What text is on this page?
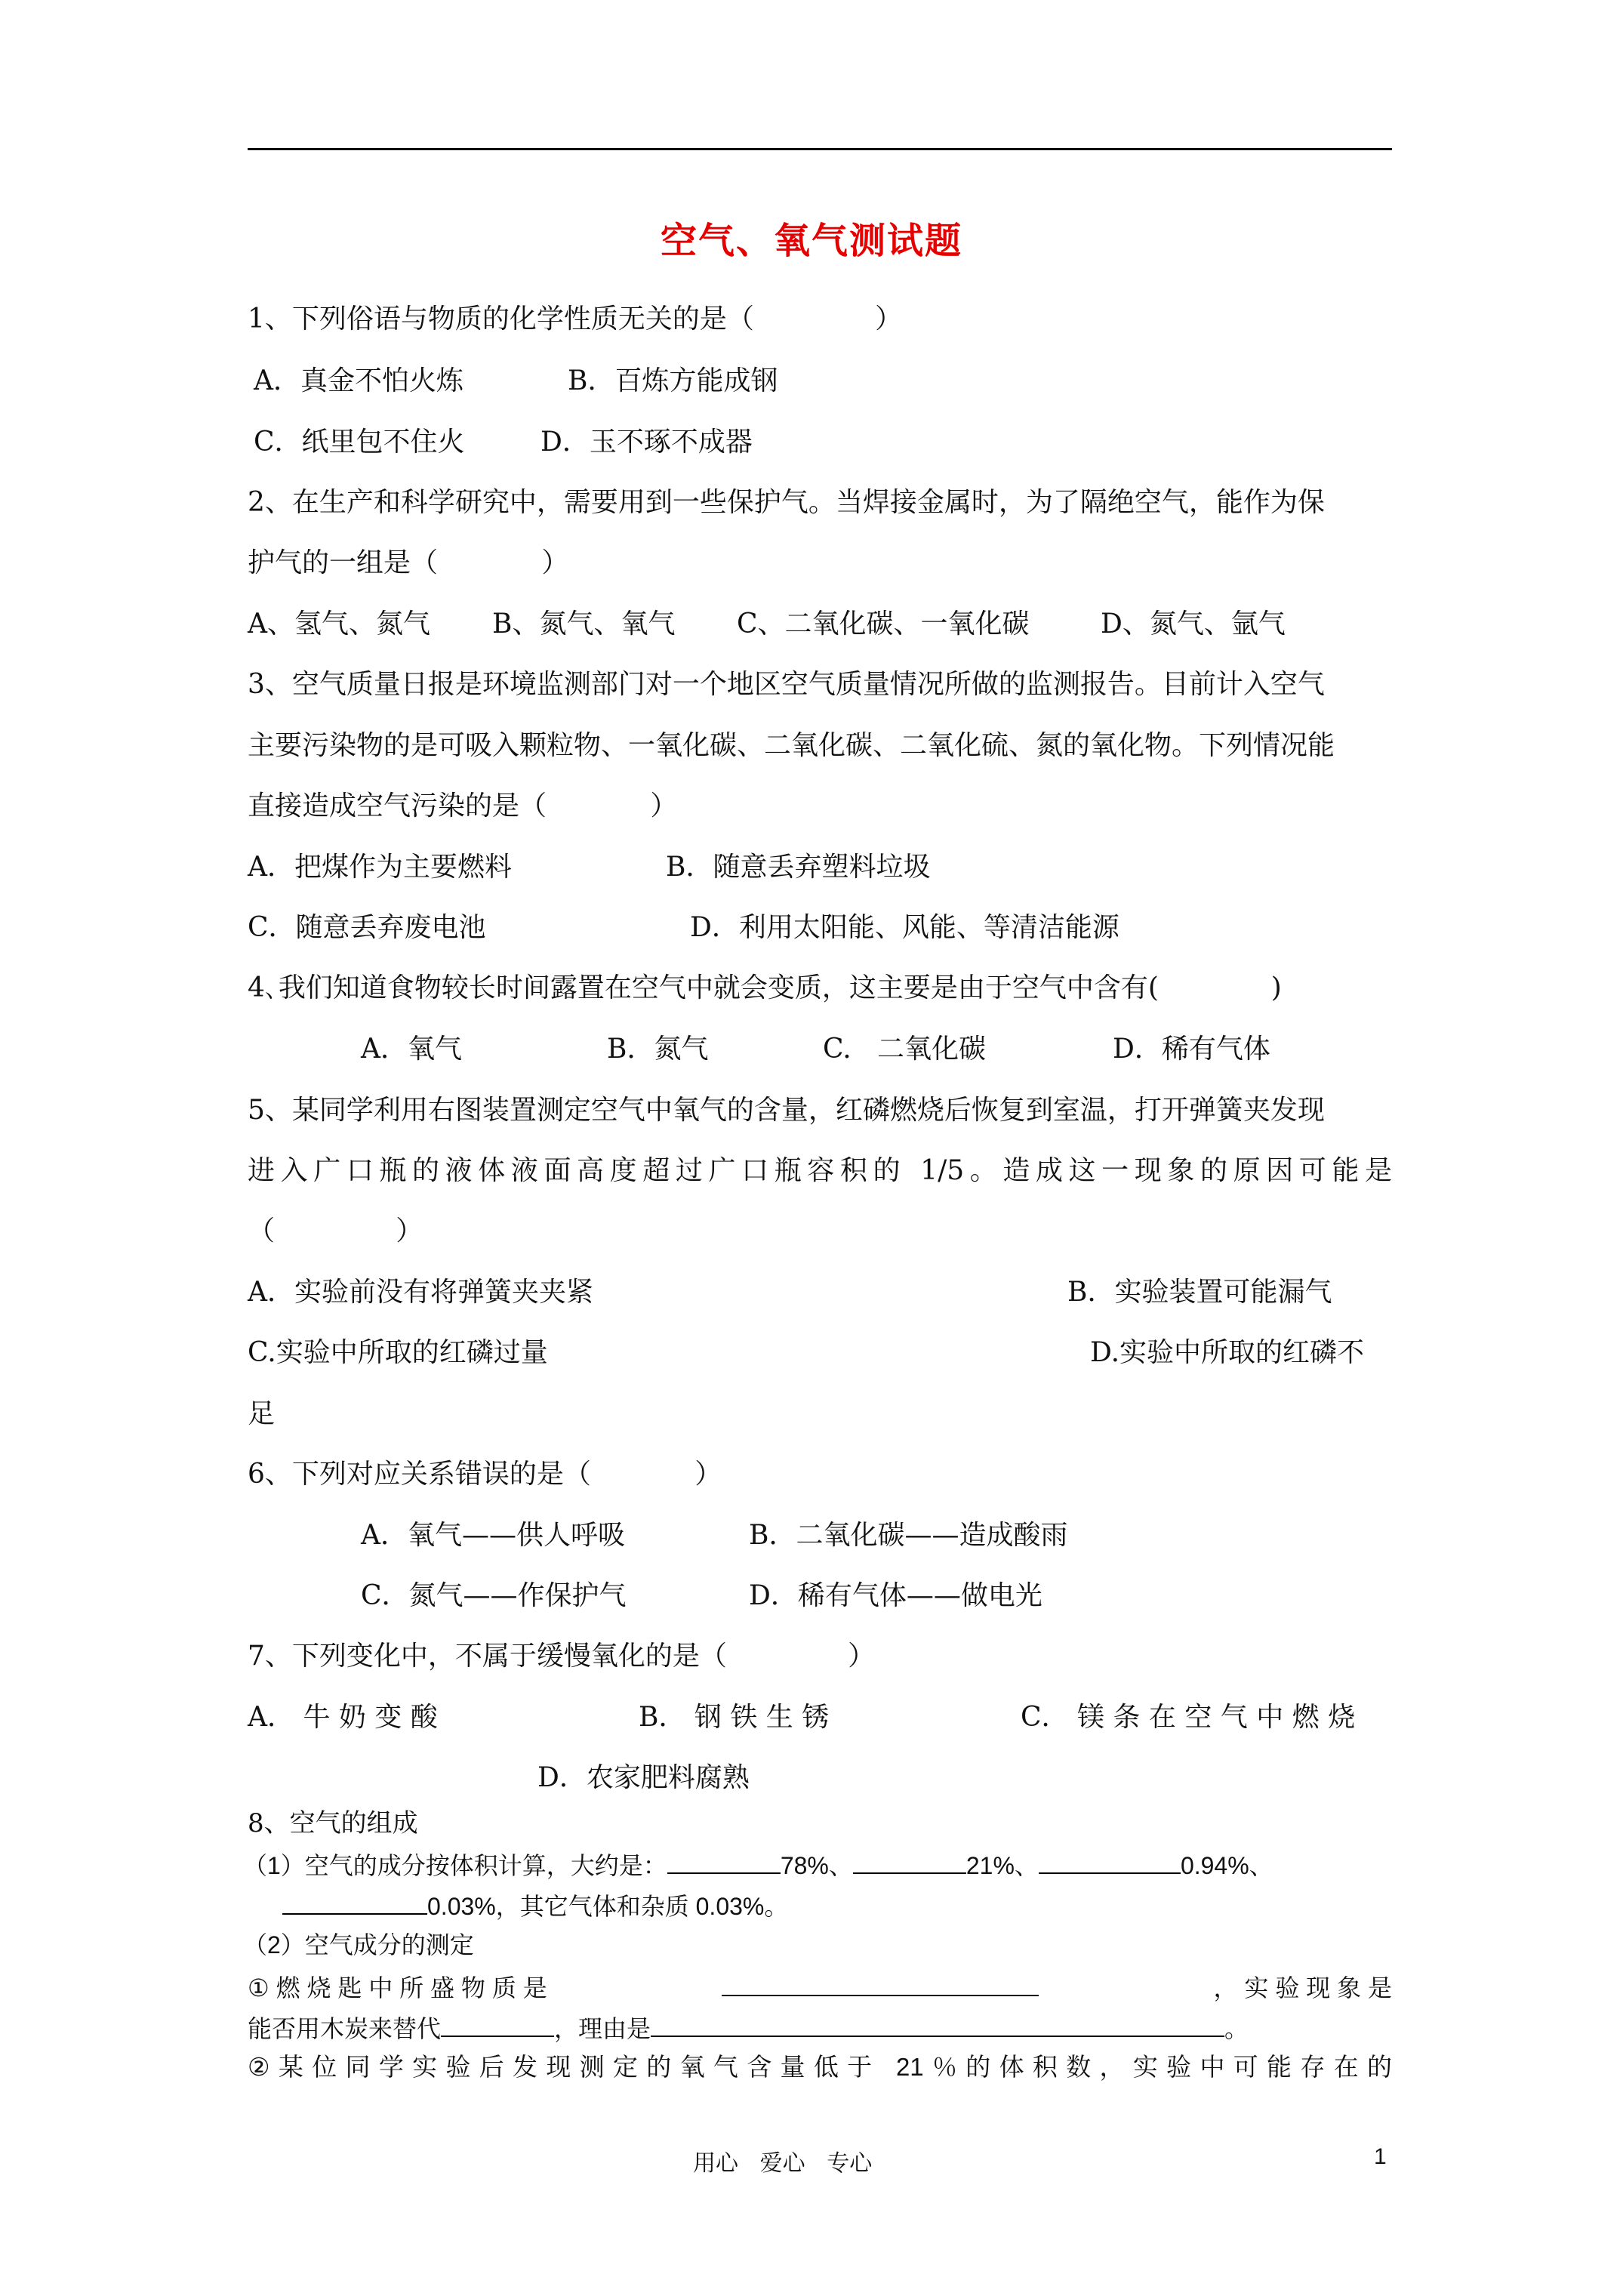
空气、氧气测试题
1、下列俗语与物质的化学性质无关的是（              ）
A．真金不怕火炼	B．百炼方能成钢
C．纸里包不住火	D．玉不琢不成器
2、在生产和科学研究中，需要用到一些保护气。当焊接金属时，为了隔绝空气，能作为保
护气的一组是（            ）
A、氢气、氮气 B、氮气、氧气 C、二氧化碳、一氧化碳	D、氮气、氩气
3、空气质量日报是环境监测部门对一个地区空气质量情况所做的监测报告。目前计入空气
主要污染物的是可吸入颗粒物、一氧化碳、二氧化碳、二氧化硫、氮的氧化物。下列情况能
直接造成空气污染的是（            ）
A．把煤作为主要燃料	B．随意丢弃塑料垃圾
C．随意丢弃废电池	D．利用太阳能、风能、等清洁能源
4､我们知道食物较长时间露置在空气中就会变质，这主要是由于空气中含有(             )
A．氧气	B．氮气	C.   二氧化碳	D．稀有气体
5、某同学利用右图装置测定空气中氧气的含量，红磷燃烧后恢复到室温，打开弹簧夹发现
进入广口瓶的液体液面高度超过广口瓶容积的 1/5。造成这一现象的原因可能是
（              ）
A．实验前没有将弹簧夹夹紧	B．实验装置可能漏气
C.实验中所取的红磷过量	D.实验中所取的红磷不
足
6、下列对应关系错误的是（            ）
A．氧气——供人呼吸	B．二氧化碳——造成酸雨
C．氮气——作保护气	D．稀有气体——做电光
7、下列变化中，不属于缓慢氧化的是（              ）
A． 牛 奶 变 酸	B． 钢 铁 生 锈	C． 镁 条 在 空 气 中 燃 烧
D．农家肥料腐熟
8、空气的组成
（1）空气的成分按体积计算，大约是：	78%、	21%、	0.94%、
0.03%，其它气体和杂质 0.03%。
（2）空气成分的测定
① 燃 烧 匙 中 所 盛 物 质 是	， 实 验 现 象 是
能否用木炭来替代	，理由是	。
②某位同学实验后发现测定的氧气含量低于 21％的体积数，实验中可能存在的
用心   爱心   专心	1
